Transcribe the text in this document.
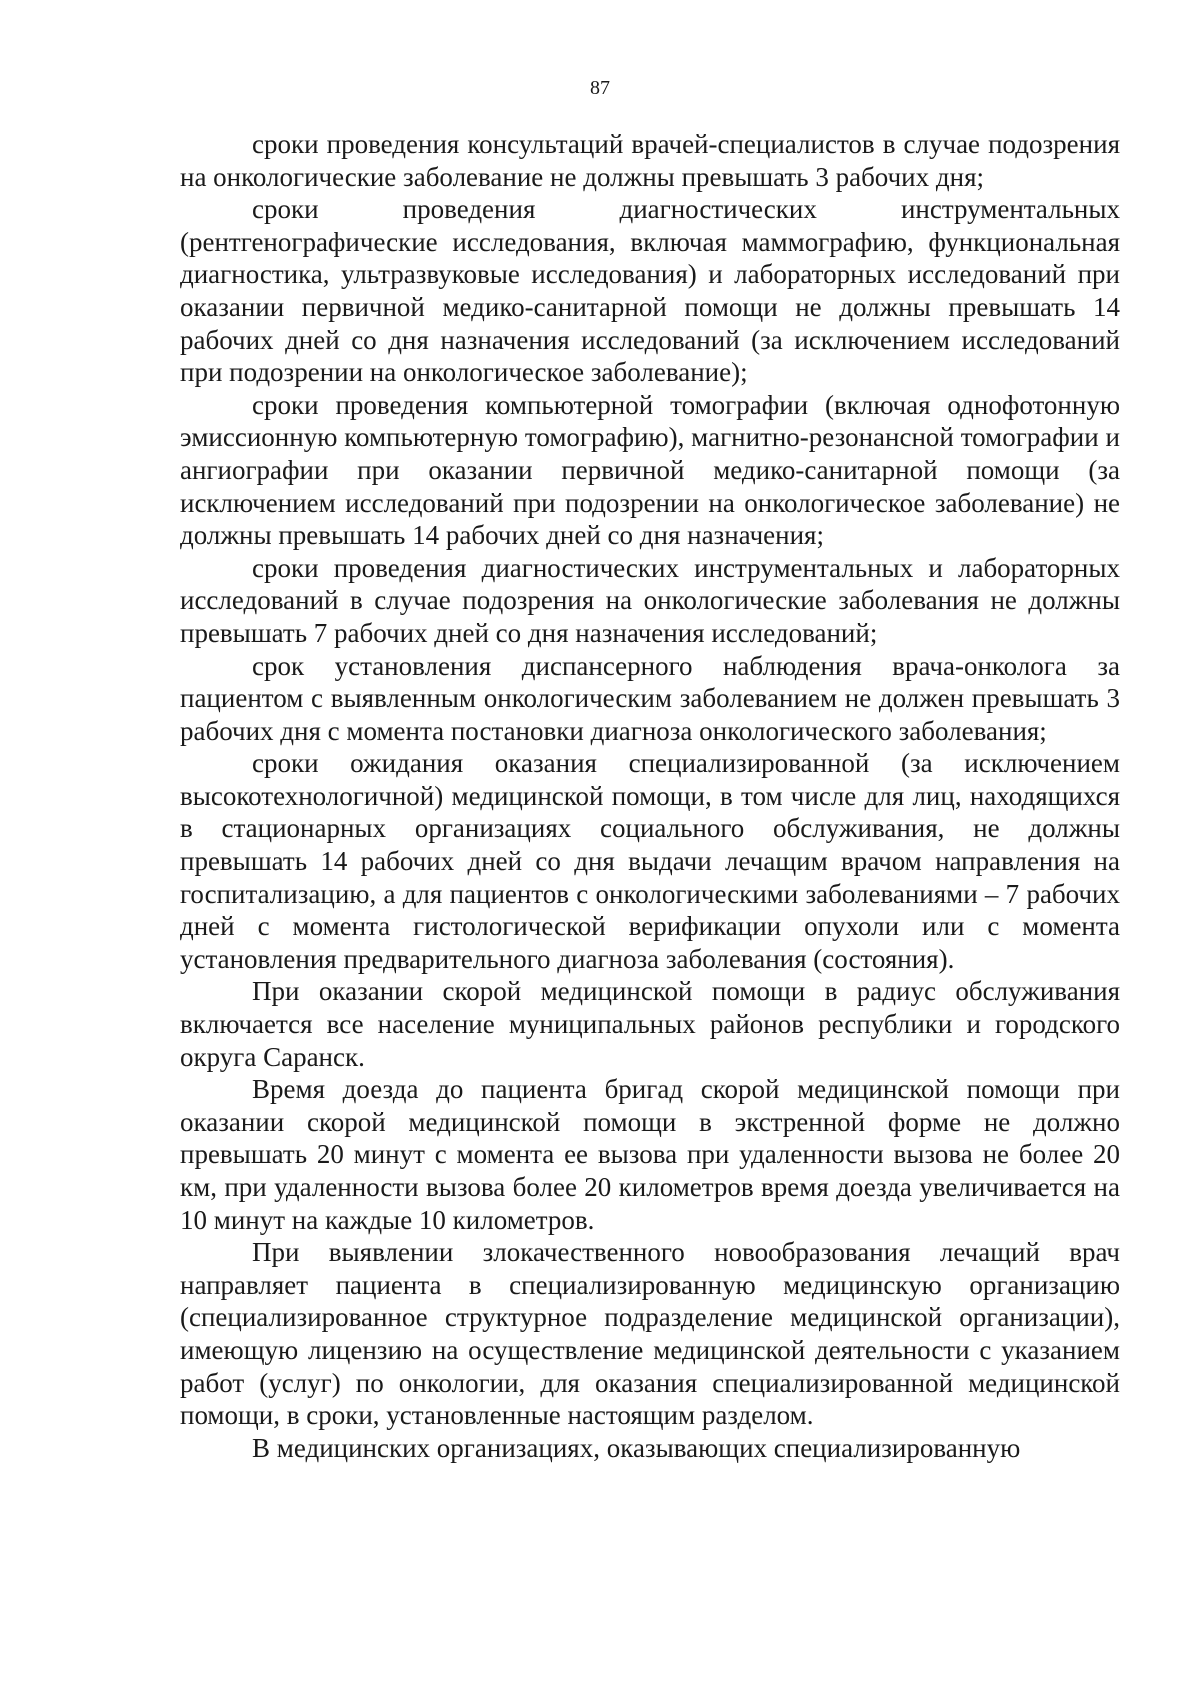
87

сроки проведения консультаций врачей-специалистов в случае подозрения на онкологические заболевание не должны превышать 3 рабочих дня;

сроки проведения диагностических инструментальных (рентгенографические исследования, включая маммографию, функциональная диагностика, ультразвуковые исследования) и лабораторных исследований при оказании первичной медико-санитарной помощи не должны превышать 14 рабочих дней со дня назначения исследований (за исключением исследований при подозрении на онкологическое заболевание);

сроки проведения компьютерной томографии (включая однофотонную эмиссионную компьютерную томографию), магнитно-резонансной томографии и ангиографии при оказании первичной медико-санитарной помощи (за исключением исследований при подозрении на онкологическое заболевание) не должны превышать 14 рабочих дней со дня назначения;

сроки проведения диагностических инструментальных и лабораторных исследований в случае подозрения на онкологические заболевания не должны превышать 7 рабочих дней со дня назначения исследований;

срок установления диспансерного наблюдения врача-онколога за пациентом с выявленным онкологическим заболеванием не должен превышать 3 рабочих дня с момента постановки диагноза онкологического заболевания;

сроки ожидания оказания специализированной (за исключением высокотехнологичной) медицинской помощи, в том числе для лиц, находящихся в стационарных организациях социального обслуживания, не должны превышать 14 рабочих дней со дня выдачи лечащим врачом направления на госпитализацию, а для пациентов с онкологическими заболеваниями – 7 рабочих дней с момента гистологической верификации опухоли или с момента установления предварительного диагноза заболевания (состояния).

При оказании скорой медицинской помощи в радиус обслуживания включается все население муниципальных районов республики и городского округа Саранск.

Время доезда до пациента бригад скорой медицинской помощи при оказании скорой медицинской помощи в экстренной форме не должно превышать 20 минут с момента ее вызова при удаленности вызова не более 20 км, при удаленности вызова более 20 километров время доезда увеличивается на 10 минут на каждые 10 километров.

При выявлении злокачественного новообразования лечащий врач направляет пациента в специализированную медицинскую организацию (специализированное структурное подразделение медицинской организации), имеющую лицензию на осуществление медицинской деятельности с указанием работ (услуг) по онкологии, для оказания специализированной медицинской помощи, в сроки, установленные настоящим разделом.

В медицинских организациях, оказывающих специализированную
